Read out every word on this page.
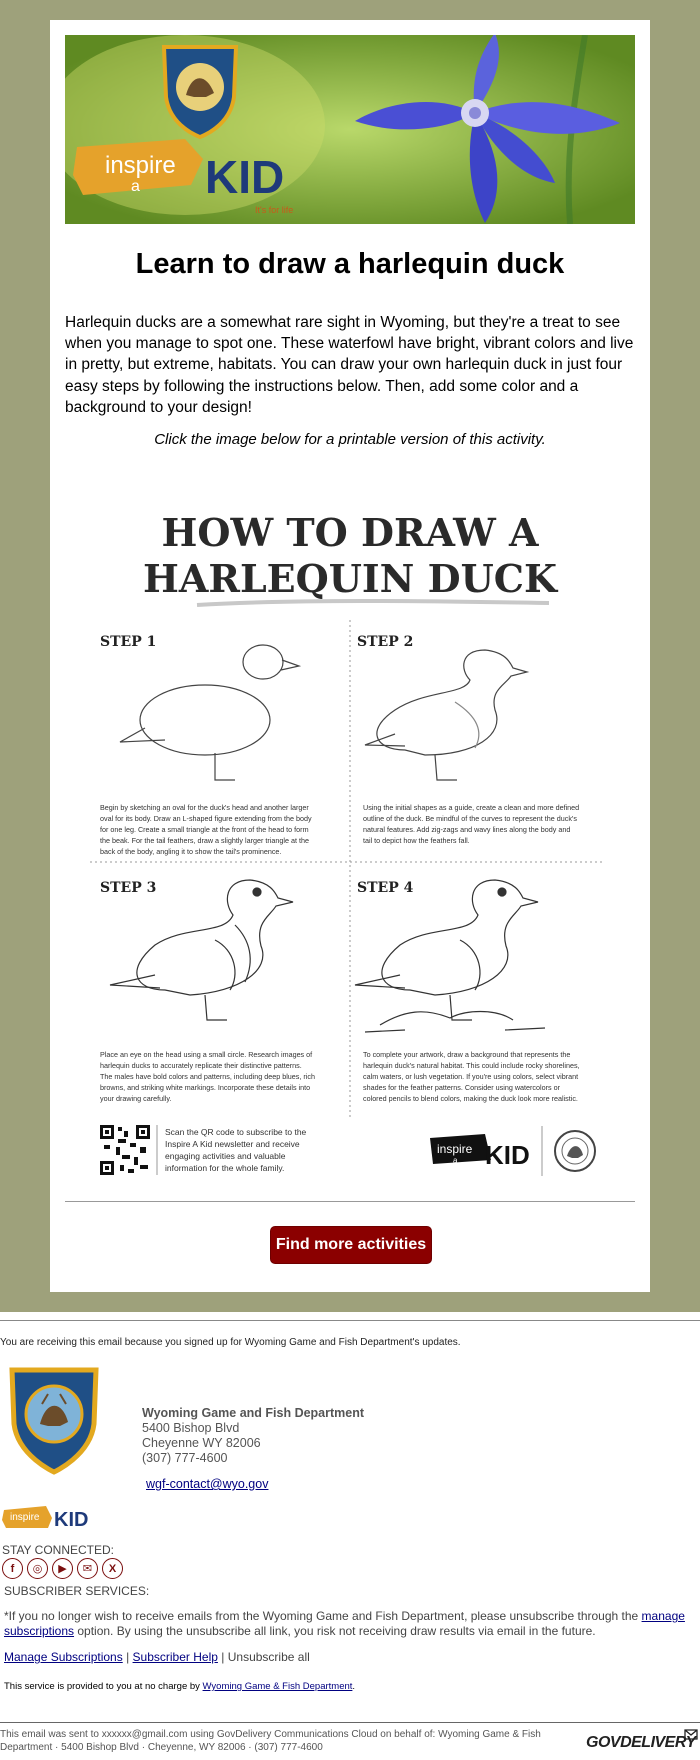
inspire
a KID
It's for life
Learn to draw a harlequin duck

Harlequin ducks are a somewhat rare sight in Wyoming, but they're a treat to see when you manage to spot one. These waterfowl have bright, vibrant colors and live in pretty, but extreme, habitats. You can draw your own harlequin duck in just four easy steps by following the instructions below. Then, add some color and a background to your design!

Click the image below for a printable version of this activity.

HOW TO DRAW A
HARLEQUIN DUCK
STEP 1	STEP 2
STEP 3	STEP 4
Begin by sketching an oval for the duck's head and another larger
oval for its body. Draw an L-shaped figure extending from the body
for one leg. Create a small triangle at the front of the head to form
the beak. For the tail feathers, draw a slightly larger triangle at the
back of the body, angling it to show the tail's prominence.
Using the initial shapes as a guide, create a clean and more defined
outline of the duck. Be mindful of the curves to represent the duck's
natural features. Add zig-zags and wavy lines along the body and
tail to depict how the feathers fall.
Place an eye on the head using a small circle. Research images of
harlequin ducks to accurately replicate their distinctive patterns.
The males have bold colors and patterns, including deep blues, rich
browns, and striking white markings. Incorporate these details into
your drawing carefully.
To complete your artwork, draw a background that represents the
harlequin duck's natural habitat. This could include rocky shorelines,
calm waters, or lush vegetation. If you're using colors, select vibrant
shades for the feather patterns. Consider using watercolors or
colored pencils to blend colors, making the duck look more realistic.
Scan the QR code to subscribe to the
Inspire A Kid newsletter and receive
engaging activities and valuable
information for the whole family.
inspire
a KID
Find more activities

You are receiving this email because you signed up for Wyoming Game and Fish Department's updates.

Wyoming Game and Fish Department
5400 Bishop Blvd
Cheyenne WY 82006
(307) 777-4600
wgf-contact@wyo.gov
inspire KID
STAY CONNECTED:
f	◎	▶	✉	X
SUBSCRIBER SERVICES:

*If you no longer wish to receive emails from the Wyoming Game and Fish Department, please unsubscribe through the manage subscriptions option. By using the unsubscribe all link, you risk not receiving draw results via email in the future.

Manage Subscriptions | Subscriber Help | Unsubscribe all
This service is provided to you at no charge by Wyoming Game & Fish Department.

This email was sent to xxxxxx@gmail.com using GovDelivery Communications Cloud on behalf of: Wyoming Game & Fish Department · 5400 Bishop Blvd · Cheyenne, WY 82006 · (307) 777-4600	GOVDELIVERY
